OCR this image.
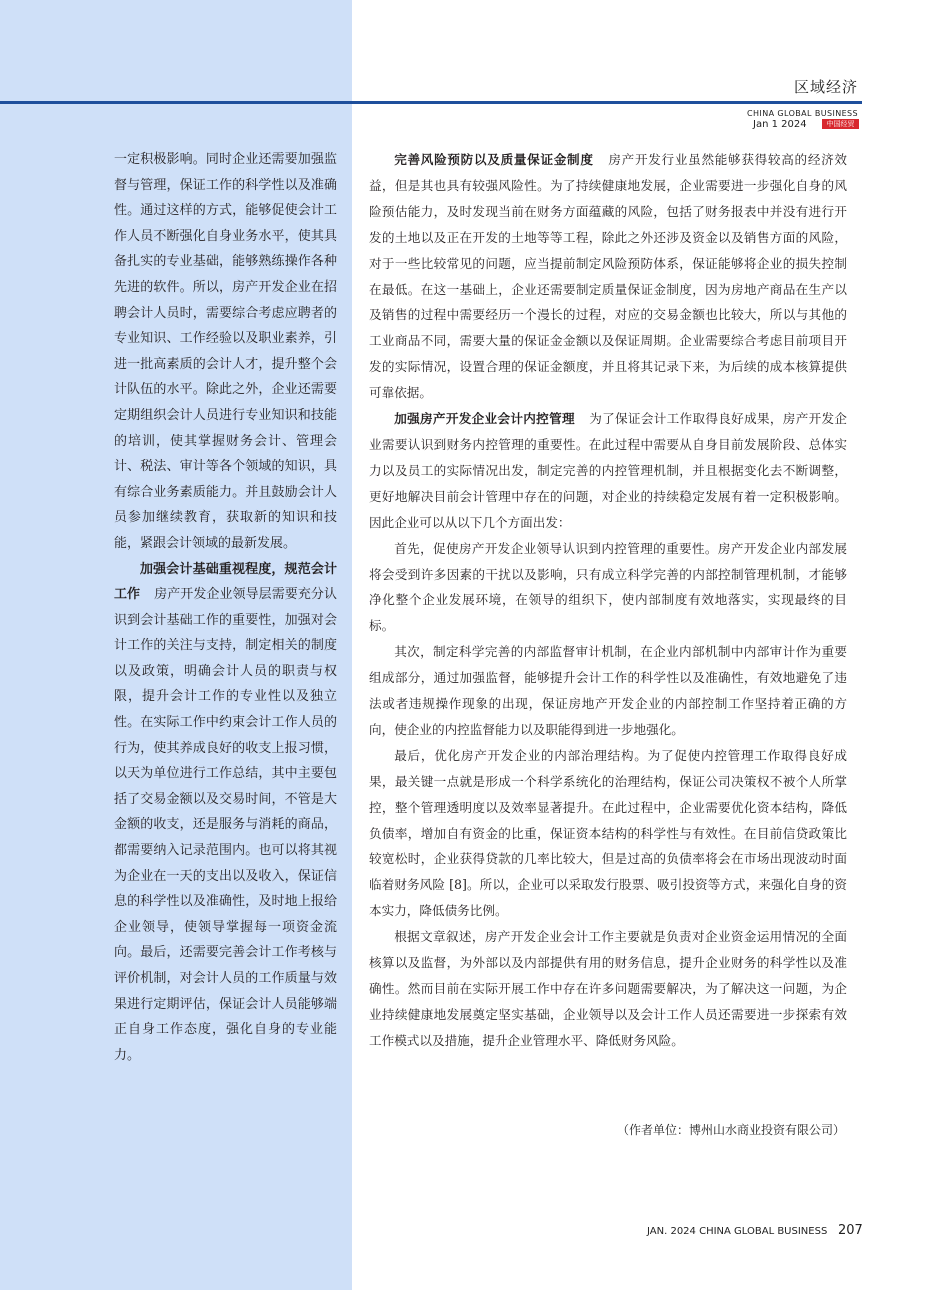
区域经济
CHINA GLOBAL BUSINESS
Jan 1 2024	中国经贸

一定积极影响。同时企业还需要加强监督与管理，保证工作的科学性以及准确性。通过这样的方式，能够促使会计工作人员不断强化自身业务水平，使其具备扎实的专业基础，能够熟练操作各种先进的软件。所以，房产开发企业在招聘会计人员时，需要综合考虑应聘者的专业知识、工作经验以及职业素养，引进一批高素质的会计人才，提升整个会计队伍的水平。除此之外，企业还需要定期组织会计人员进行专业知识和技能的培训，使其掌握财务会计、管理会计、税法、审计等各个领域的知识，具有综合业务素质能力。并且鼓励会计人员参加继续教育，获取新的知识和技能，紧跟会计领域的最新发展。

加强会计基础重视程度，规范会计工作 房产开发企业领导层需要充分认识到会计基础工作的重要性，加强对会计工作的关注与支持，制定相关的制度以及政策，明确会计人员的职责与权限，提升会计工作的专业性以及独立性。在实际工作中约束会计工作人员的行为，使其养成良好的收支上报习惯，以天为单位进行工作总结，其中主要包括了交易金额以及交易时间，不管是大金额的收支，还是服务与消耗的商品，都需要纳入记录范围内。也可以将其视为企业在一天的支出以及收入，保证信息的科学性以及准确性，及时地上报给企业领导，使领导掌握每一项资金流向。最后，还需要完善会计工作考核与评价机制，对会计人员的工作质量与效果进行定期评估，保证会计人员能够端正自身工作态度，强化自身的专业能力。

完善风险预防以及质量保证金制度 房产开发行业虽然能够获得较高的经济效益，但是其也具有较强风险性。为了持续健康地发展，企业需要进一步强化自身的风险预估能力，及时发现当前在财务方面蕴藏的风险，包括了财务报表中并没有进行开发的土地以及正在开发的土地等等工程，除此之外还涉及资金以及销售方面的风险，对于一些比较常见的问题，应当提前制定风险预防体系，保证能够将企业的损失控制在最低。在这一基础上，企业还需要制定质量保证金制度，因为房地产商品在生产以及销售的过程中需要经历一个漫长的过程，对应的交易金额也比较大，所以与其他的工业商品不同，需要大量的保证金金额以及保证周期。企业需要综合考虑目前项目开发的实际情况，设置合理的保证金额度，并且将其记录下来，为后续的成本核算提供可靠依据。

加强房产开发企业会计内控管理 为了保证会计工作取得良好成果，房产开发企业需要认识到财务内控管理的重要性。在此过程中需要从自身目前发展阶段、总体实力以及员工的实际情况出发，制定完善的内控管理机制，并且根据变化去不断调整，更好地解决目前会计管理中存在的问题，对企业的持续稳定发展有着一定积极影响。因此企业可以从以下几个方面出发：

首先，促使房产开发企业领导认识到内控管理的重要性。房产开发企业内部发展将会受到许多因素的干扰以及影响，只有成立科学完善的内部控制管理机制，才能够净化整个企业发展环境，在领导的组织下，使内部制度有效地落实，实现最终的目标。

其次，制定科学完善的内部监督审计机制，在企业内部机制中内部审计作为重要组成部分，通过加强监督，能够提升会计工作的科学性以及准确性，有效地避免了违法或者违规操作现象的出现，保证房地产开发企业的内部控制工作坚持着正确的方向，使企业的内控监督能力以及职能得到进一步地强化。

最后，优化房产开发企业的内部治理结构。为了促使内控管理工作取得良好成果，最关键一点就是形成一个科学系统化的治理结构，保证公司决策权不被个人所掌控，整个管理透明度以及效率显著提升。在此过程中，企业需要优化资本结构，降低负债率，增加自有资金的比重，保证资本结构的科学性与有效性。在目前信贷政策比较宽松时，企业获得贷款的几率比较大，但是过高的负债率将会在市场出现波动时面临着财务风险 [8]。所以，企业可以采取发行股票、吸引投资等方式，来强化自身的资本实力，降低债务比例。

根据文章叙述，房产开发企业会计工作主要就是负责对企业资金运用情况的全面核算以及监督，为外部以及内部提供有用的财务信息，提升企业财务的科学性以及准确性。然而目前在实际开展工作中存在许多问题需要解决，为了解决这一问题，为企业持续健康地发展奠定坚实基础，企业领导以及会计工作人员还需要进一步探索有效工作模式以及措施，提升企业管理水平、降低财务风险。

（作者单位：博州山水商业投资有限公司）
JAN. 2024 CHINA GLOBAL BUSINESS 207
